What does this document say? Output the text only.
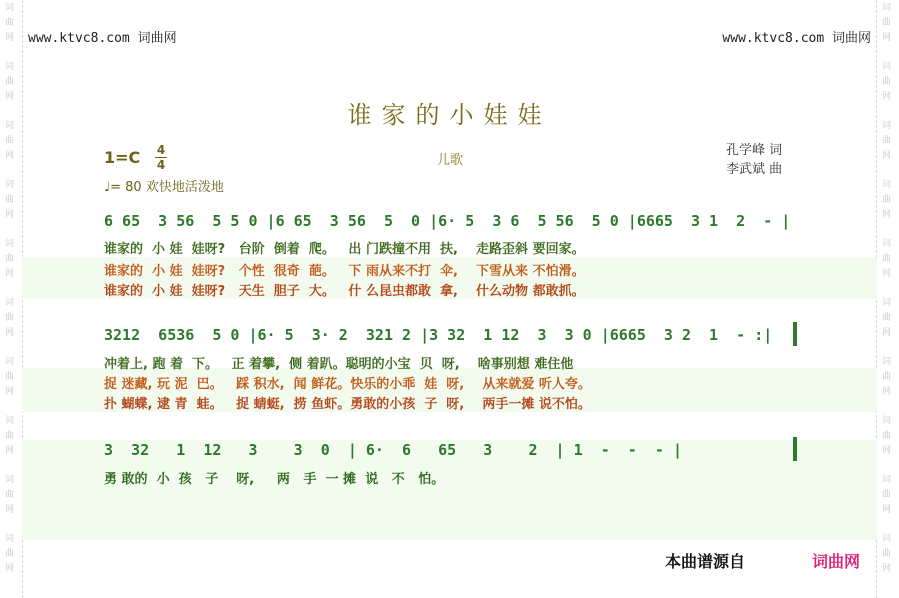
词
曲
网
词
曲
网
词
曲
网
词
曲
网
词
曲
网
词
曲
网
词
曲
网
词
曲
网
词
曲
网
词
曲
网
词
曲
网
词
曲
网
词
曲
网
词
曲
网
词
曲
网
词
曲
网
词
曲
网
词
曲
网
词
曲
网
词
曲
网
www.ktvc8.com 词曲网	www.ktvc8.com 词曲网
谁家的小娃娃
1=C 4
4
♩= 80 欢快地活泼地
儿歌
孔学峰 词
李武斌 曲
6 65  3 56  5 5 0 |6 65  3 56  5  0 |6· 5  3 6  5 56  5 0 |6665  3 1  2  - |
谁家的  小 娃  娃呀?   台阶  倒着  爬。   出 门跌撞不用  扶,    走路歪斜 要回家。
谁家的  小 娃  娃呀?   个性  很奇  葩。   下 雨从来不打  伞,    下雪从来 不怕滑。
谁家的  小 娃  娃呀?   天生  胆子  大。   什 么昆虫都敢  拿,    什么动物 都敢抓。
3212  6536  5 0 |6· 5  3· 2  321 2 |3 32  1 12  3  3 0 |6665  3 2  1  - :|
冲着上, 跑 着  下。   正 着攀,  侧 着趴。聪明的小宝  贝  呀,    啥事别想 难住他
捉 迷藏, 玩 泥  巴。   踩 积水,  闻 鲜花。快乐的小乖  娃  呀,    从来就爱 听人夸。
扑 蝴蝶, 逮 青  蛙。   捉 蜻蜓,  捞 鱼虾。勇敢的小孩  子  呀,    两手一摊 说不怕。
3  32   1  12   3    3  0  | 6·  6   65   3    2  | 1  -  -  - |
勇 敢的  小  孩   子    呀,     两   手  一 摊  说   不   怕。
本曲谱源自	词曲网
